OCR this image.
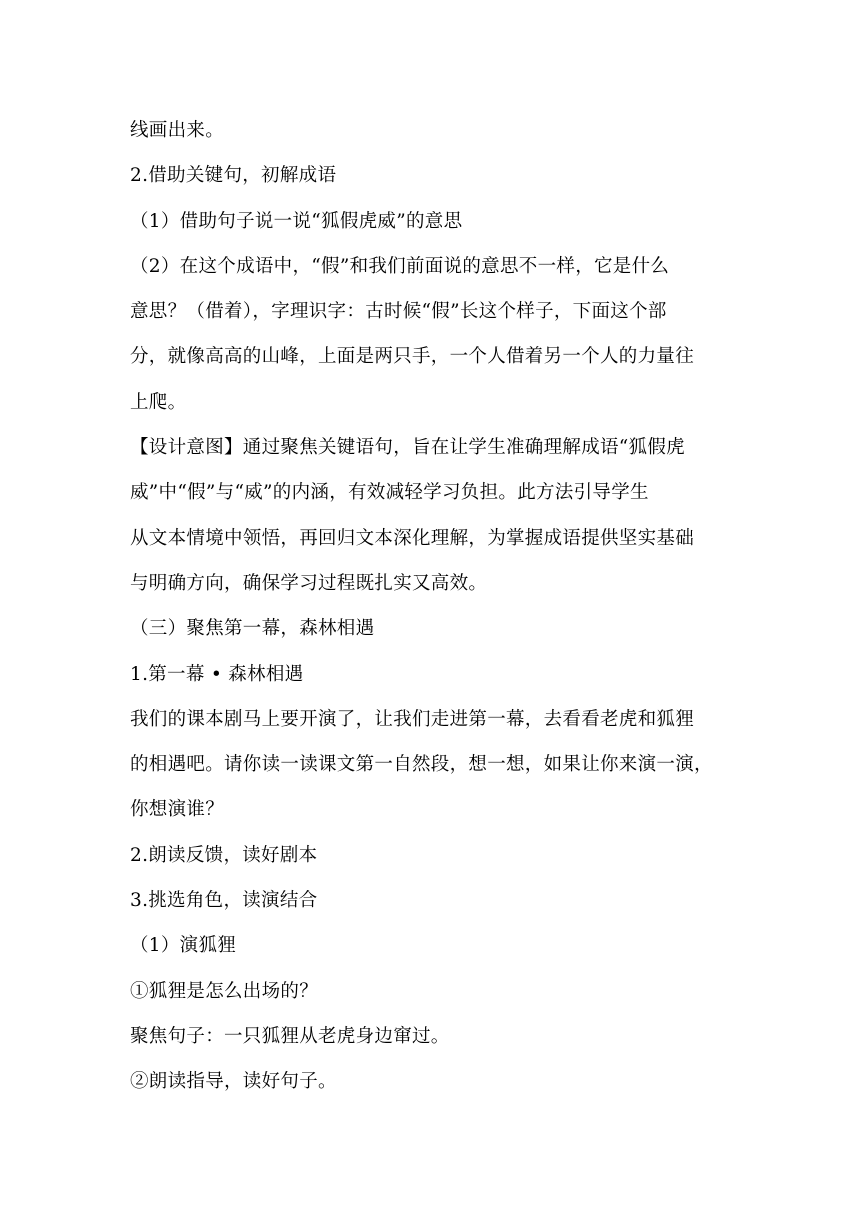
线画出来。

2.借助关键句，初解成语

（1）借助句子说一说“狐假虎威”的意思

（2）在这个成语中，“假”和我们前面说的意思不一样，它是什么

意思？（借着），字理识字：古时候“假”长这个样子，下面这个部

分，就像高高的山峰，上面是两只手，一个人借着另一个人的力量往

上爬。

【设计意图】通过聚焦关键语句，旨在让学生准确理解成语“狐假虎

威”中“假”与“威”的内涵，有效减轻学习负担。此方法引导学生

从文本情境中领悟，再回归文本深化理解，为掌握成语提供坚实基础

与明确方向，确保学习过程既扎实又高效。

（三）聚焦第一幕，森林相遇

1.第一幕 • 森林相遇

我们的课本剧马上要开演了，让我们走进第一幕，去看看老虎和狐狸

的相遇吧。请你读一读课文第一自然段，想一想，如果让你来演一演，

你想演谁？

2.朗读反馈，读好剧本

3.挑选角色，读演结合

（1）演狐狸

①狐狸是怎么出场的？

聚焦句子：一只狐狸从老虎身边窜过。

②朗读指导，读好句子。
